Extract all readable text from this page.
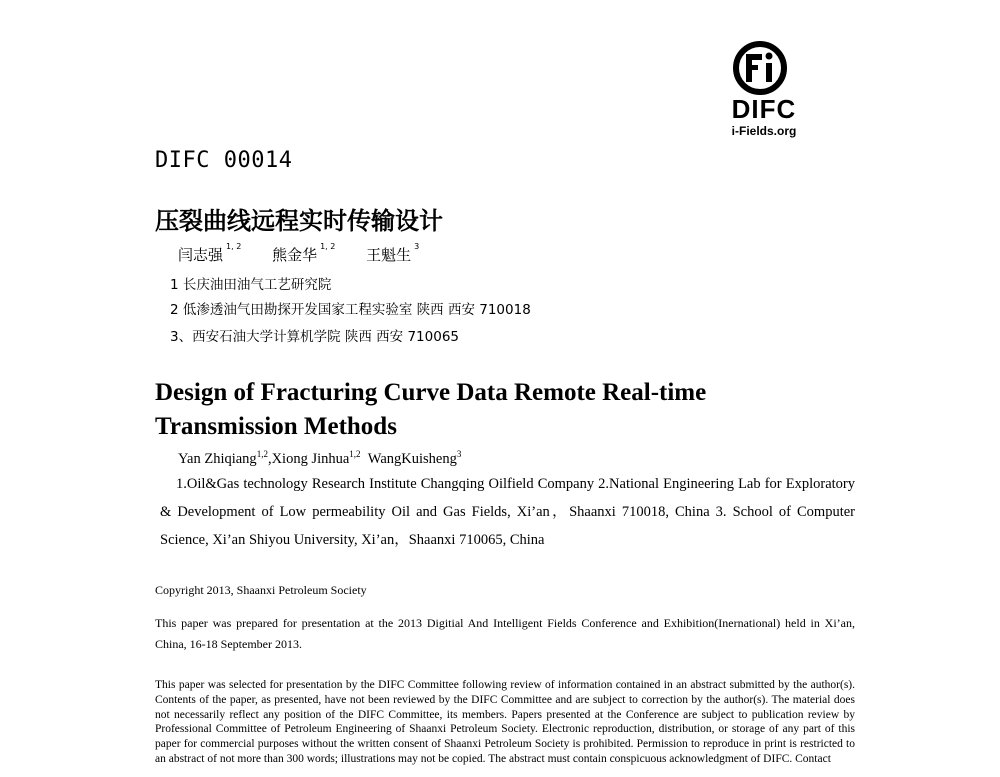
DIFC
i-Fields.org
DIFC 00014
压裂曲线远程实时传输设计
闫志强 $^{1, 2}$ 熊金华 $^{1, 2}$ 王魁生 $^3$
1 长庆油田油气工艺研究院
2 低渗透油气田勘探开发国家工程实验室 陕西 西安 710018
3、西安石油大学计算机学院 陕西 西安 710065
Design of Fracturing Curve Data Remote Real-time
Transmission Methods
Yan Zhiqiang$^{1,2}$,Xiong Jinhua$^{1,2}$ WangKuisheng$^3$
1.Oil&Gas technology Research Institute Changqing Oilfield Company 2.National Engineering Lab for Exploratory & Development of Low permeability Oil and Gas Fields, Xi’an，Shaanxi 710018, China 3. School of Computer Science, Xi’an Shiyou University, Xi’an，Shaanxi 710065, China
Copyright 2013, Shaanxi Petroleum Society
This paper was prepared for presentation at the 2013 Digitial And Intelligent Fields Conference and Exhibition(Inernational) held in Xi’an, China, 16-18 September 2013.
This paper was selected for presentation by the DIFC Committee following review of information contained in an abstract submitted by the author(s). Contents of the paper, as presented, have not been reviewed by the DIFC Committee and are subject to correction by the author(s). The material does not necessarily reflect any position of the DIFC Committee, its members. Papers presented at the Conference are subject to publication review by Professional Committee of Petroleum Engineering of Shaanxi Petroleum Society. Electronic reproduction, distribution, or storage of any part of this paper for commercial purposes without the written consent of Shaanxi Petroleum Society is prohibited. Permission to reproduce in print is restricted to an abstract of not more than 300 words; illustrations may not be copied. The abstract must contain conspicuous acknowledgment of DIFC. Contact
